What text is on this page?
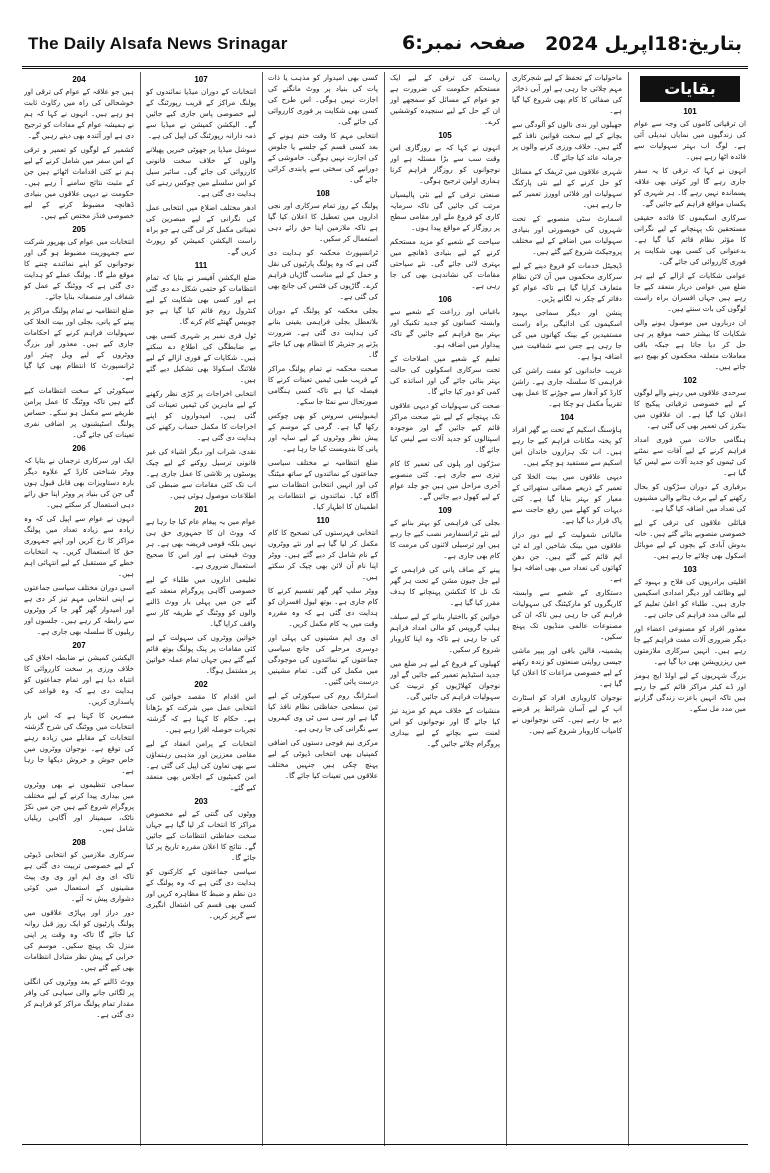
The Daily Alsafa News Srinagar	صفحہ نمبر:6 بتاریخ:18اپریل 2024
204

ہیں جو علاقہ کے عوام کی ترقی اور خوشحالی کی راہ میں رکاوٹ ثابت ہو رہے ہیں۔ انہوں نے کہا کہ ہم نے ہمیشہ عوام کے مفادات کو ترجیح دی ہے اور آئندہ بھی دیتے رہیں گے۔

کشمیر کے لوگوں کو تعمیر و ترقی کے اس سفر میں شامل کرنے کے لیے ہم نے کئی اقدامات اٹھائے ہیں جن کے مثبت نتائج سامنے آ رہے ہیں۔ حکومت نے دیہی علاقوں میں بنیادی ڈھانچہ مضبوط کرنے کے لیے خصوصی فنڈز مختص کیے ہیں۔

205

انتخابات میں عوام کی بھرپور شرکت سے جمہوریت مضبوط ہو گی اور نوجوانوں کو اپنے نمائندے چننے کا موقع ملے گا۔ پولنگ عملے کو ہدایت دی گئی ہے کہ ووٹنگ کے عمل کو شفاف اور منصفانہ بنایا جائے۔

ضلع انتظامیہ نے تمام پولنگ مراکز پر پینے کے پانی، بجلی اور بیت الخلا کی سہولیات فراہم کرنے کے احکامات جاری کیے ہیں۔ معذور اور بزرگ ووٹروں کے لیے ویل چیئر اور ٹرانسپورٹ کا انتظام بھی کیا گیا ہے۔

سیکورٹی کے سخت انتظامات کیے گئے ہیں تاکہ ووٹنگ کا عمل پرامن طریقے سے مکمل ہو سکے۔ حساس پولنگ اسٹیشنوں پر اضافی نفری تعینات کی جائے گی۔

206

ایک اور سرکاری ترجمان نے بتایا کہ ووٹر شناختی کارڈ کے علاوہ دیگر بارہ دستاویزات بھی قابل قبول ہوں گی جن کی بنیاد پر ووٹر اپنا حق رائے دہی استعمال کر سکتے ہیں۔

انہوں نے عوام سے اپیل کی کہ وہ زیادہ سے زیادہ تعداد میں پولنگ مراکز کا رخ کریں اور اپنے جمہوری حق کا استعمال کریں۔ یہ انتخابات خطے کے مستقبل کے لیے انتہائی اہم ہیں۔

اسی دوران مختلف سیاسی جماعتوں نے اپنی انتخابی مہم تیز کر دی ہے اور امیدوار گھر گھر جا کر ووٹروں سے رابطہ کر رہے ہیں۔ جلسوں اور ریلیوں کا سلسلہ بھی جاری ہے۔

207

الیکشن کمیشن نے ضابطہ اخلاق کی خلاف ورزی پر سخت کارروائی کا انتباہ دیا ہے اور تمام جماعتوں کو ہدایت دی ہے کہ وہ قواعد کی پاسداری کریں۔

مبصرین کا کہنا ہے کہ اس بار انتخابات میں ووٹنگ کی شرح گزشتہ انتخابات کے مقابلے میں زیادہ رہنے کی توقع ہے۔ نوجوان ووٹروں میں خاص جوش و خروش دیکھا جا رہا ہے۔

سماجی تنظیموں نے بھی ووٹروں میں بیداری پیدا کرنے کے لیے مختلف پروگرام شروع کیے ہیں جن میں نکڑ ناٹک، سیمینار اور آگاہی ریلیاں شامل ہیں۔

208

سرکاری ملازمین کو انتخابی ڈیوٹی کے لیے خصوصی تربیت دی گئی ہے تاکہ ای وی ایم اور وی وی پیٹ مشینوں کے استعمال میں کوئی دشواری پیش نہ آئے۔

دور دراز اور پہاڑی علاقوں میں پولنگ پارٹیوں کو ایک روز قبل روانہ کیا جائے گا تاکہ وہ وقت پر اپنی منزل تک پہنچ سکیں۔ موسم کی خرابی کے پیش نظر متبادل انتظامات بھی کیے گئے ہیں۔

ووٹ ڈالنے کے بعد ووٹروں کی انگلی پر لگائی جانے والی سیاہی کی وافر مقدار تمام پولنگ مراکز کو فراہم کر دی گئی ہے۔

107

انتخابات کے دوران میڈیا نمائندوں کو پولنگ مراکز کے قریب رپورٹنگ کے لیے خصوصی پاس جاری کیے جائیں گے۔ الیکشن کمیشن نے میڈیا سے ذمہ دارانہ رپورٹنگ کی اپیل کی ہے۔

سوشل میڈیا پر جھوٹی خبریں پھیلانے والوں کے خلاف سخت قانونی کارروائی کی جائے گی۔ سائبر سیل کو اس سلسلے میں چوکس رہنے کی ہدایت دی گئی ہے۔

ادھر مختلف اضلاع میں انتخابی عمل کی نگرانی کے لیے مبصرین کی تعیناتی مکمل کر لی گئی ہے جو براہ راست الیکشن کمیشن کو رپورٹ کریں گے۔

111

ضلع الیکشن آفیسر نے بتایا کہ تمام انتظامات کو حتمی شکل دے دی گئی ہے اور کسی بھی شکایت کے لیے کنٹرول روم قائم کیا گیا ہے جو چوبیس گھنٹے کام کرے گا۔

ٹول فری نمبر پر شہری کسی بھی بے ضابطگی کی اطلاع دے سکتے ہیں۔ شکایات کے فوری ازالے کے لیے فلائنگ اسکواڈ بھی تشکیل دیے گئے ہیں۔

انتخابی اخراجات پر کڑی نظر رکھنے کے لیے ماہرین کی ٹیمیں تعینات کی گئی ہیں۔ امیدواروں کو اپنے اخراجات کا مکمل حساب رکھنے کی ہدایت دی گئی ہے۔

نقدی، شراب اور دیگر اشیاء کی غیر قانونی ترسیل روکنے کے لیے چیک پوسٹوں پر تلاشی کا عمل جاری ہے۔ اب تک کئی مقامات سے ضبطی کی اطلاعات موصول ہوئی ہیں۔

201

عوام میں یہ پیغام عام کیا جا رہا ہے کہ ووٹ ان کا جمہوری حق ہی نہیں بلکہ قومی فریضہ بھی ہے۔ ہر ووٹ قیمتی ہے اور اس کا صحیح استعمال ضروری ہے۔

تعلیمی اداروں میں طلباء کے لیے خصوصی آگاہی پروگرام منعقد کیے گئے جن میں پہلی بار ووٹ ڈالنے والوں کو ووٹنگ کے طریقہ کار سے واقف کرایا گیا۔

خواتین ووٹروں کی سہولت کے لیے کئی مقامات پر پنک پولنگ بوتھ قائم کیے گئے ہیں جہاں تمام عملہ خواتین پر مشتمل ہوگا۔

202

اس اقدام کا مقصد خواتین کی انتخابی عمل میں شرکت کو بڑھانا ہے۔ حکام کا کہنا ہے کہ گزشتہ تجربات حوصلہ افزا رہے ہیں۔

انتخابات کے پرامن انعقاد کے لیے مقامی معززین اور مذہبی رہنماؤں سے بھی تعاون کی اپیل کی گئی ہے۔ امن کمیٹیوں کے اجلاس بھی منعقد کیے گئے۔

203

ووٹوں کی گنتی کے لیے مخصوص مراکز کا انتخاب کر لیا گیا ہے جہاں سخت حفاظتی انتظامات کیے جائیں گے۔ نتائج کا اعلان مقررہ تاریخ پر کیا جائے گا۔

سیاسی جماعتوں کے کارکنوں کو ہدایت دی گئی ہے کہ وہ پولنگ کے دن نظم و ضبط کا مظاہرہ کریں اور کسی بھی قسم کی اشتعال انگیزی سے گریز کریں۔

کسی بھی امیدوار کو مذہب یا ذات پات کی بنیاد پر ووٹ مانگنے کی اجازت نہیں ہوگی۔ اس طرح کی کسی بھی شکایت پر فوری کارروائی کی جائے گی۔

انتخابی مہم کا وقت ختم ہونے کے بعد کسی قسم کے جلسے یا جلوس کی اجازت نہیں ہوگی۔ خاموشی کے دورانیے کی سختی سے پابندی کرائی جائے گی۔

108

پولنگ کے روز تمام سرکاری اور نجی اداروں میں تعطیل کا اعلان کیا گیا ہے تاکہ ملازمین اپنا حق رائے دہی استعمال کر سکیں۔

ٹرانسپورٹ محکمہ کو ہدایت دی گئی ہے کہ وہ پولنگ پارٹیوں کی نقل و حمل کے لیے مناسب گاڑیاں فراہم کرے۔ گاڑیوں کی فٹنس کی جانچ بھی کی گئی ہے۔

بجلی محکمہ کو پولنگ کے دوران بلاتعطل بجلی فراہمی یقینی بنانے کی ہدایت دی گئی ہے۔ ضرورت پڑنے پر جنریٹر کا انتظام بھی کیا جائے گا۔

صحت محکمہ نے تمام پولنگ مراکز کے قریب طبی ٹیمیں تعینات کرنے کا فیصلہ کیا ہے تاکہ کسی ہنگامی صورتحال سے نمٹا جا سکے۔

ایمبولینس سروس کو بھی چوکس رکھا گیا ہے۔ گرمی کے موسم کے پیش نظر ووٹروں کے لیے سایہ اور پانی کا بندوبست کیا جا رہا ہے۔

ضلع انتظامیہ نے مختلف سیاسی جماعتوں کے نمائندوں کے ساتھ میٹنگ کی اور انہیں انتخابی انتظامات سے آگاہ کیا۔ نمائندوں نے انتظامات پر اطمینان کا اظہار کیا۔

110

انتخابی فہرستوں کی تصحیح کا کام مکمل کر لیا گیا ہے اور نئے ووٹروں کے نام شامل کر دیے گئے ہیں۔ ووٹر اپنا نام آن لائن بھی چیک کر سکتے ہیں۔

ووٹر سلپ گھر گھر تقسیم کرنے کا کام جاری ہے۔ بوتھ لیول افسران کو ہدایت دی گئی ہے کہ وہ مقررہ وقت میں یہ کام مکمل کریں۔

ای وی ایم مشینوں کی پہلی اور دوسری مرحلے کی جانچ سیاسی جماعتوں کے نمائندوں کی موجودگی میں مکمل کی گئی۔ تمام مشینیں درست پائی گئیں۔

اسٹرانگ روم کی سیکورٹی کے لیے تین سطحی حفاظتی نظام نافذ کیا گیا ہے اور سی سی ٹی وی کیمروں سے نگرانی کی جا رہی ہے۔

مرکزی نیم فوجی دستوں کی اضافی کمپنیاں بھی انتخابی ڈیوٹی کے لیے پہنچ چکی ہیں جنہیں مختلف علاقوں میں تعینات کیا جائے گا۔

ریاست کی ترقی کے لیے ایک مستحکم حکومت کی ضرورت ہے جو عوام کے مسائل کو سمجھے اور ان کے حل کے لیے سنجیدہ کوششیں کرے۔

105

انہوں نے کہا کہ بے روزگاری اس وقت سب سے بڑا مسئلہ ہے اور نوجوانوں کو روزگار فراہم کرنا ہماری اولین ترجیح ہوگی۔

صنعتی ترقی کے لیے نئی پالیسیاں مرتب کی جائیں گی تاکہ سرمایہ کاری کو فروغ ملے اور مقامی سطح پر روزگار کے مواقع پیدا ہوں۔

سیاحت کے شعبے کو مزید مستحکم کرنے کے لیے بنیادی ڈھانچے میں بہتری لائی جائے گی۔ نئے سیاحتی مقامات کی نشاندہی بھی کی جا رہی ہے۔

106

باغبانی اور زراعت کے شعبے سے وابستہ کسانوں کو جدید تکنیک اور بہتر بیج فراہم کیے جائیں گے تاکہ پیداوار میں اضافہ ہو۔

تعلیم کے شعبے میں اصلاحات کے تحت سرکاری اسکولوں کی حالت بہتر بنائی جائے گی اور اساتذہ کی کمی کو دور کیا جائے گا۔

صحت کی سہولیات کو دیہی علاقوں تک پہنچانے کے لیے نئے صحت مراکز قائم کیے جائیں گے اور موجودہ اسپتالوں کو جدید آلات سے لیس کیا جائے گا۔

سڑکوں اور پلوں کی تعمیر کا کام تیزی سے جاری ہے۔ کئی منصوبے آخری مراحل میں ہیں جو جلد عوام کے لیے کھول دیے جائیں گے۔

109

بجلی کی فراہمی کو بہتر بنانے کے لیے نئے ٹرانسفارمر نصب کیے جا رہے ہیں اور ترسیلی لائنوں کی مرمت کا کام بھی جاری ہے۔

پینے کے صاف پانی کی فراہمی کے لیے جل جیون مشن کے تحت ہر گھر تک نل کا کنکشن پہنچانے کا ہدف مقرر کیا گیا ہے۔

خواتین کو بااختیار بنانے کے لیے سیلف ہیلپ گروپس کو مالی امداد فراہم کی جا رہی ہے تاکہ وہ اپنا کاروبار شروع کر سکیں۔

کھیلوں کے فروغ کے لیے ہر ضلع میں جدید اسٹیڈیم تعمیر کیے جائیں گے اور نوجوان کھلاڑیوں کو تربیت کی سہولیات فراہم کی جائیں گی۔

منشیات کے خلاف مہم کو مزید تیز کیا جائے گا اور نوجوانوں کو اس لعنت سے بچانے کے لیے بیداری پروگرام چلائے جائیں گے۔

ماحولیات کے تحفظ کے لیے شجرکاری مہم چلائی جا رہی ہے اور آبی ذخائر کی صفائی کا کام بھی شروع کیا گیا ہے۔

جھیلوں اور ندی نالوں کو آلودگی سے بچانے کے لیے سخت قوانین نافذ کیے گئے ہیں۔ خلاف ورزی کرنے والوں پر جرمانہ عائد کیا جائے گا۔

شہری علاقوں میں ٹریفک کے مسائل کو حل کرنے کے لیے نئی پارکنگ سہولیات اور فلائی اوورز تعمیر کیے جا رہے ہیں۔

اسمارٹ سٹی منصوبے کے تحت شہروں کی خوبصورتی اور بنیادی سہولیات میں اضافے کے لیے مختلف پروجیکٹ شروع کیے گئے ہیں۔

ڈیجیٹل خدمات کو فروغ دینے کے لیے سرکاری محکموں میں آن لائن نظام متعارف کرایا گیا ہے تاکہ عوام کو دفاتر کے چکر نہ لگانے پڑیں۔

پنشن اور دیگر سماجی بہبود اسکیموں کی ادائیگی براہ راست مستفیدین کے بینک کھاتوں میں کی جا رہی ہے جس سے شفافیت میں اضافہ ہوا ہے۔

غریب خاندانوں کو مفت راشن کی فراہمی کا سلسلہ جاری ہے۔ راشن کارڈ کو آدھار سے جوڑنے کا عمل بھی تقریباً مکمل ہو چکا ہے۔

104

ہاؤسنگ اسکیم کے تحت بے گھر افراد کو پختہ مکانات فراہم کیے جا رہے ہیں۔ اب تک ہزاروں خاندان اس اسکیم سے مستفید ہو چکے ہیں۔

دیہی علاقوں میں بیت الخلا کی تعمیر کے ذریعے صفائی ستھرائی کے معیار کو بہتر بنایا گیا ہے۔ کئی دیہات کو کھلے میں رفع حاجت سے پاک قرار دیا گیا ہے۔

مالیاتی شمولیت کے لیے دور دراز علاقوں میں بینک شاخیں اور اے ٹی ایم قائم کیے گئے ہیں۔ جن دھن کھاتوں کی تعداد میں بھی اضافہ ہوا ہے۔

دستکاری کے شعبے سے وابستہ کاریگروں کو مارکیٹنگ کی سہولیات فراہم کی جا رہی ہیں تاکہ ان کی مصنوعات عالمی منڈیوں تک پہنچ سکیں۔

پشمینہ، قالین بافی اور پیپر ماشی جیسی روایتی صنعتوں کو زندہ رکھنے کے لیے خصوصی مراعات کا اعلان کیا گیا ہے۔

نوجوان کاروباری افراد کو اسٹارٹ اپ کے لیے آسان شرائط پر قرضے دیے جا رہے ہیں۔ کئی نوجوانوں نے کامیاب کاروبار شروع کیے ہیں۔

بقایات
101

ان ترقیاتی کاموں کی وجہ سے عوام کی زندگیوں میں نمایاں تبدیلی آئی ہے۔ لوگ اب بہتر سہولیات سے فائدہ اٹھا رہے ہیں۔

انہوں نے کہا کہ ترقی کا یہ سفر جاری رہے گا اور کوئی بھی علاقہ پسماندہ نہیں رہے گا۔ ہر شہری کو یکساں مواقع فراہم کیے جائیں گے۔

سرکاری اسکیموں کا فائدہ حقیقی مستحقین تک پہنچانے کے لیے نگرانی کا مؤثر نظام قائم کیا گیا ہے۔ بدعنوانی کی کسی بھی شکایت پر فوری کارروائی کی جائے گی۔

عوامی شکایات کے ازالے کے لیے ہر ضلع میں عوامی دربار منعقد کیے جا رہے ہیں جہاں افسران براہ راست لوگوں کی بات سنتے ہیں۔

ان درباروں میں موصول ہونے والی شکایات کا بیشتر حصہ موقع پر ہی حل کر دیا جاتا ہے جبکہ باقی معاملات متعلقہ محکموں کو بھیج دیے جاتے ہیں۔

102

سرحدی علاقوں میں رہنے والے لوگوں کے لیے خصوصی ترقیاتی پیکیج کا اعلان کیا گیا ہے۔ ان علاقوں میں بنکرز کی تعمیر بھی کی گئی ہے۔

ہنگامی حالات میں فوری امداد فراہم کرنے کے لیے آفات سے نمٹنے کی ٹیموں کو جدید آلات سے لیس کیا گیا ہے۔

برفباری کے دوران سڑکوں کو بحال رکھنے کے لیے برف ہٹانے والی مشینوں کی تعداد میں اضافہ کیا گیا ہے۔

قبائلی علاقوں کی ترقی کے لیے خصوصی منصوبے بنائے گئے ہیں۔ خانہ بدوش آبادی کے بچوں کے لیے موبائل اسکول بھی چلائے جا رہے ہیں۔

103

اقلیتی برادریوں کی فلاح و بہبود کے لیے وظائف اور دیگر امدادی اسکیمیں جاری ہیں۔ طلباء کو اعلیٰ تعلیم کے لیے مالی مدد فراہم کی جاتی ہے۔

معذور افراد کو مصنوعی اعضاء اور دیگر ضروری آلات مفت فراہم کیے جا رہے ہیں۔ انہیں سرکاری ملازمتوں میں ریزرویشن بھی دیا گیا ہے۔

بزرگ شہریوں کے لیے اولڈ ایج ہومز اور ڈے کیئر مراکز قائم کیے جا رہے ہیں تاکہ انہیں باعزت زندگی گزارنے میں مدد مل سکے۔
